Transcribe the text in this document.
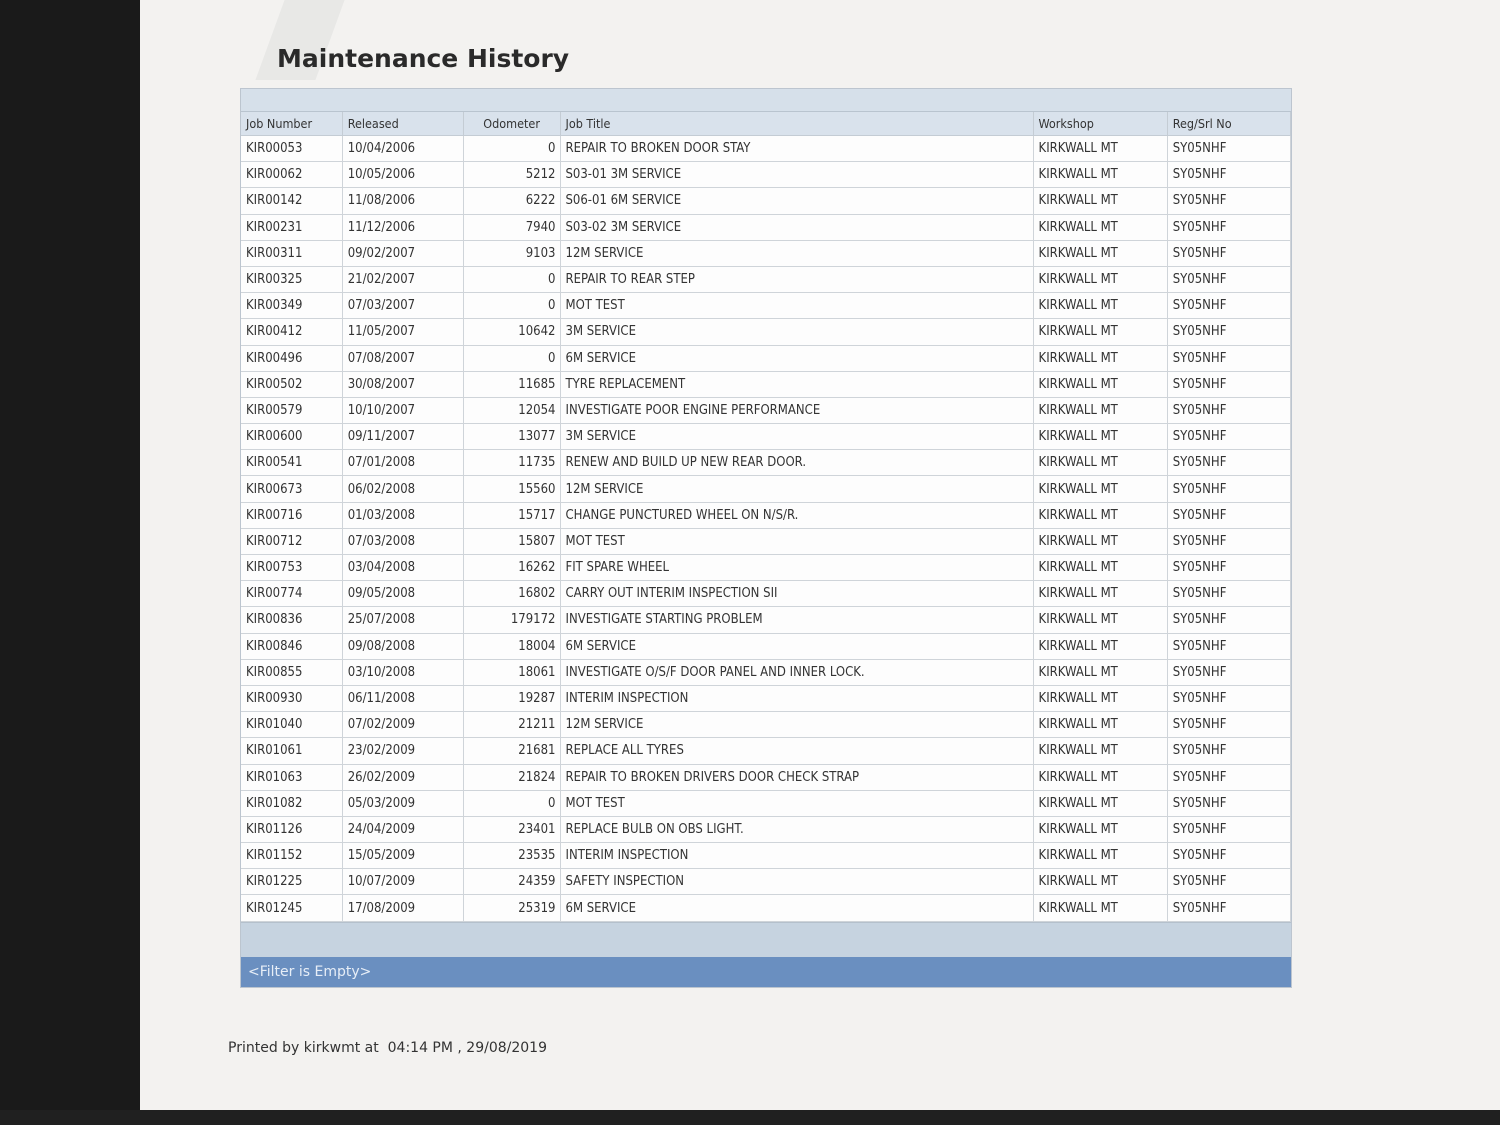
Maintenance History
Job Number	Released	Odometer	Job Title	Workshop	Reg/Srl No
KIR00053	10/04/2006	0	REPAIR TO BROKEN DOOR STAY	KIRKWALL MT	SY05NHF
KIR00062	10/05/2006	5212	S03-01 3M SERVICE	KIRKWALL MT	SY05NHF
KIR00142	11/08/2006	6222	S06-01 6M SERVICE	KIRKWALL MT	SY05NHF
KIR00231	11/12/2006	7940	S03-02 3M SERVICE	KIRKWALL MT	SY05NHF
KIR00311	09/02/2007	9103	12M SERVICE	KIRKWALL MT	SY05NHF
KIR00325	21/02/2007	0	REPAIR TO REAR STEP	KIRKWALL MT	SY05NHF
KIR00349	07/03/2007	0	MOT TEST	KIRKWALL MT	SY05NHF
KIR00412	11/05/2007	10642	3M SERVICE	KIRKWALL MT	SY05NHF
KIR00496	07/08/2007	0	6M SERVICE	KIRKWALL MT	SY05NHF
KIR00502	30/08/2007	11685	TYRE REPLACEMENT	KIRKWALL MT	SY05NHF
KIR00579	10/10/2007	12054	INVESTIGATE POOR ENGINE PERFORMANCE	KIRKWALL MT	SY05NHF
KIR00600	09/11/2007	13077	3M SERVICE	KIRKWALL MT	SY05NHF
KIR00541	07/01/2008	11735	RENEW AND BUILD UP NEW REAR DOOR.	KIRKWALL MT	SY05NHF
KIR00673	06/02/2008	15560	12M SERVICE	KIRKWALL MT	SY05NHF
KIR00716	01/03/2008	15717	CHANGE PUNCTURED WHEEL ON N/S/R.	KIRKWALL MT	SY05NHF
KIR00712	07/03/2008	15807	MOT TEST	KIRKWALL MT	SY05NHF
KIR00753	03/04/2008	16262	FIT SPARE WHEEL	KIRKWALL MT	SY05NHF
KIR00774	09/05/2008	16802	CARRY OUT INTERIM INSPECTION SII	KIRKWALL MT	SY05NHF
KIR00836	25/07/2008	179172	INVESTIGATE STARTING PROBLEM	KIRKWALL MT	SY05NHF
KIR00846	09/08/2008	18004	6M SERVICE	KIRKWALL MT	SY05NHF
KIR00855	03/10/2008	18061	INVESTIGATE O/S/F DOOR PANEL AND INNER LOCK.	KIRKWALL MT	SY05NHF
KIR00930	06/11/2008	19287	INTERIM INSPECTION	KIRKWALL MT	SY05NHF
KIR01040	07/02/2009	21211	12M SERVICE	KIRKWALL MT	SY05NHF
KIR01061	23/02/2009	21681	REPLACE ALL TYRES	KIRKWALL MT	SY05NHF
KIR01063	26/02/2009	21824	REPAIR TO BROKEN DRIVERS DOOR CHECK STRAP	KIRKWALL MT	SY05NHF
KIR01082	05/03/2009	0	MOT TEST	KIRKWALL MT	SY05NHF
KIR01126	24/04/2009	23401	REPLACE BULB ON OBS LIGHT.	KIRKWALL MT	SY05NHF
KIR01152	15/05/2009	23535	INTERIM INSPECTION	KIRKWALL MT	SY05NHF
KIR01225	10/07/2009	24359	SAFETY INSPECTION	KIRKWALL MT	SY05NHF
KIR01245	17/08/2009	25319	6M SERVICE	KIRKWALL MT	SY05NHF
<Filter is Empty>
Printed by kirkwmt at  04:14 PM , 29/08/2019
